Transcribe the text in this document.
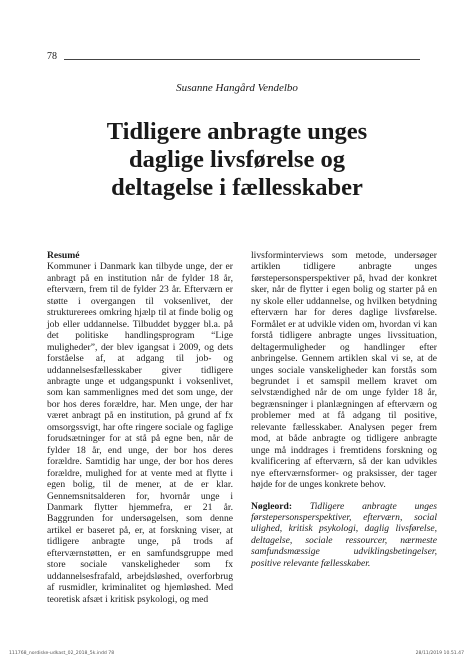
78
Susanne Hangård Vendelbo
Tidligere anbragte unges
daglige livsførelse og
deltagelse i fællesskaber
Resumé

Kommuner i Danmark kan tilbyde unge, der er anbragt på en institution når de fylder 18 år, efterværn, frem til de fylder 23 år. Efterværn er støtte i overgangen til voksenlivet, der strukturerees omkring hjælp til at finde bolig og job eller uddannelse. Tilbuddet bygger bl.a. på det politiske handlingsprogram “Lige muligheder”, der blev igangsat i 2009, og dets forståelse af, at adgang til job- og uddannelsesfællesskaber giver tidligere anbragte unge et udgangspunkt i voksenlivet, som kan sammenlignes med det som unge, der bor hos deres forældre, har. Men unge, der har været anbragt på en institution, på grund af fx omsorgssvigt, har ofte ringere sociale og faglige forudsætninger for at stå på egne ben, når de fylder 18 år, end unge, der bor hos deres forældre. Samtidig har unge, der bor hos deres forældre, mulighed for at vente med at flytte i egen bolig, til de mener, at de er klar. Gennemsnitsalderen for, hvornår unge i Danmark flytter hjemmefra, er 21 år. Baggrunden for undersøgelsen, som denne artikel er baseret på, er, at forskning viser, at tidligere anbragte unge, på trods af efterværnstøtten, er en samfundsgruppe med store sociale vanskeligheder som fx uddannelsesfrafald, arbejdsløshed, overforbrug af rusmidler, kriminalitet og hjemløshed. Med teoretisk afsæt i kritisk psykologi, og med

livsforminterviews som metode, undersøger artiklen tidligere anbragte unges førstepersonsperspektiver på, hvad der konkret sker, når de flytter i egen bolig og starter på en ny skole eller uddannelse, og hvilken betydning efterværn har for deres daglige livsførelse. Formålet er at udvikle viden om, hvordan vi kan forstå tidligere anbragte unges livssituation, deltagermuligheder og handlinger efter anbringelse. Gennem artiklen skal vi se, at de unges sociale vanskeligheder kan forstås som begrundet i et samspil mellem kravet om selvstændighed når de om unge fylder 18 år, begrænsninger i planlægningen af efterværn og problemer med at få adgang til positive, relevante fællesskaber. Analysen peger frem mod, at både anbragte og tidligere anbragte unge må inddrages i fremtidens forskning og kvalificering af efterværn, så der kan udvikles nye efterværnsformer- og praksisser, der tager højde for de unges konkrete behov.

Nøgleord: Tidligere anbragte unges førstepersonsperspektiver, efterværn, social ulighed, kritisk psykologi, daglig livsførelse, deltagelse, sociale ressourcer, nærmeste samfundsmæssige udviklingsbetingelser, positive relevante fællesskaber.

111768_nordiske-udkast_02_2018_5k.indd 78	28/11/2019 10.51.47
